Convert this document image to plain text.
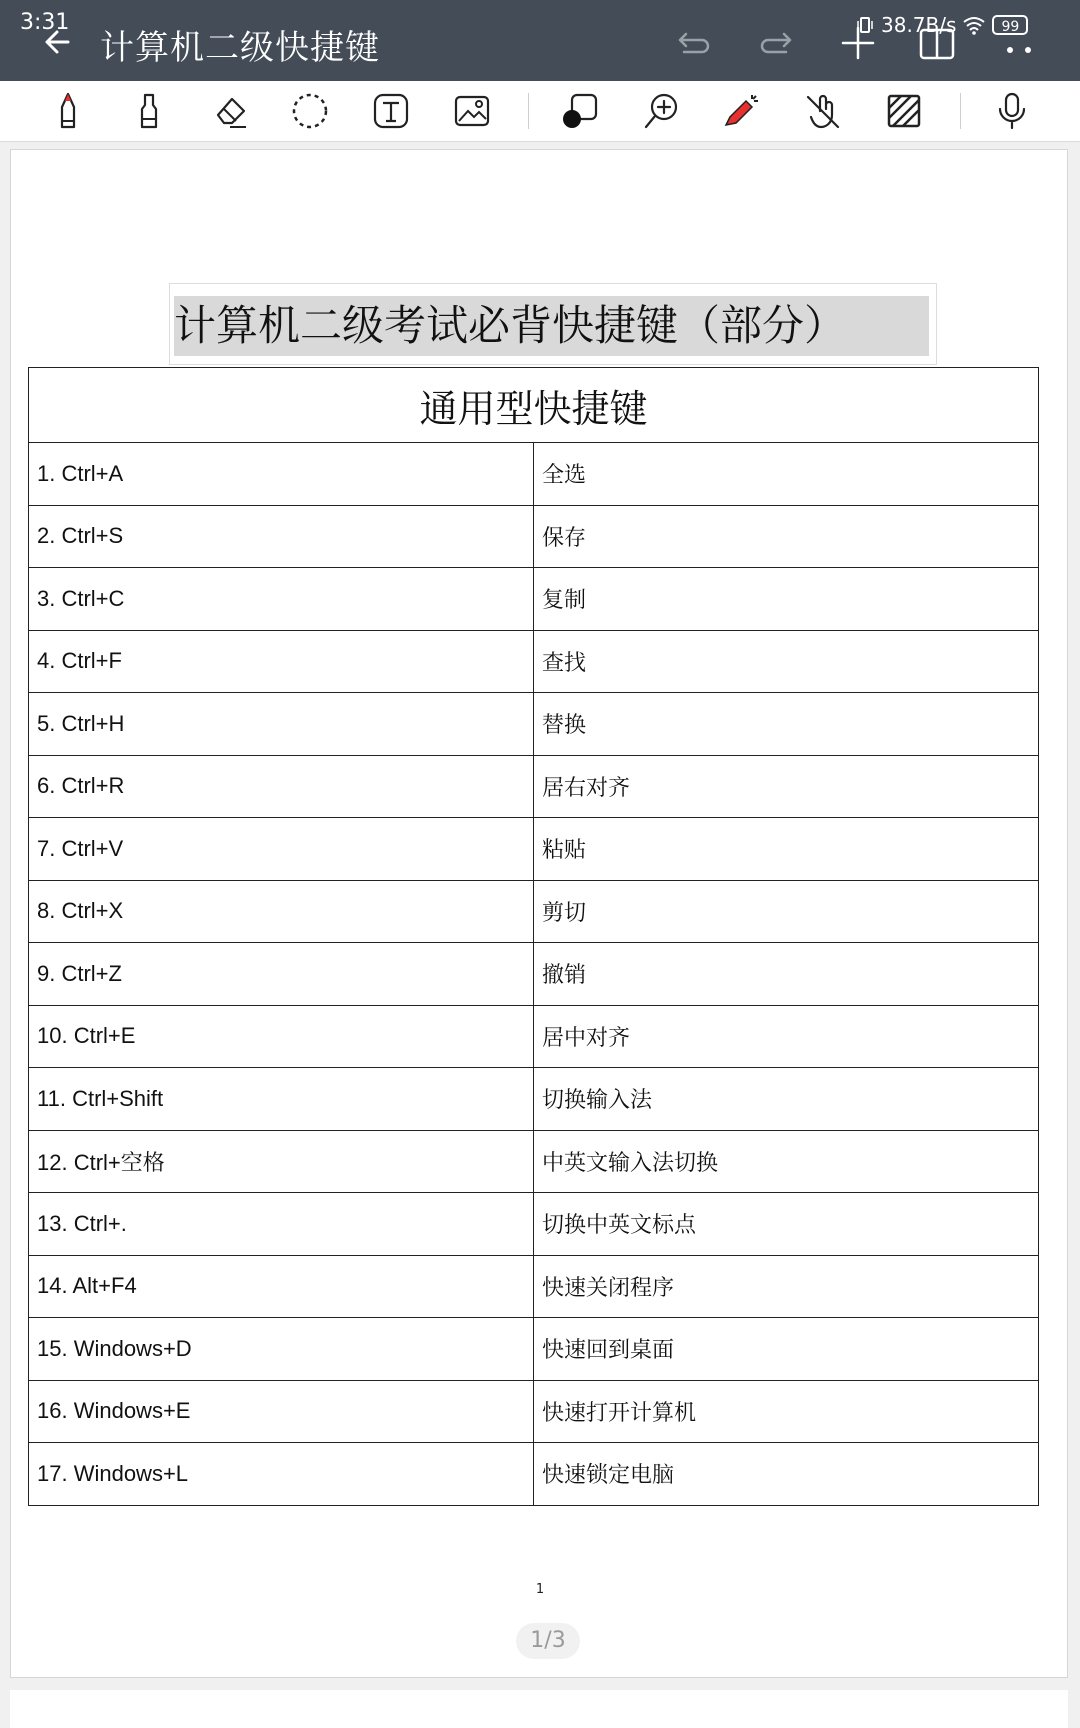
3:31
计算机二级快捷键
38.7B/s	99
计算机二级考试必背快捷键（部分）
通用型快捷键	
1. Ctrl+A	全选
2. Ctrl+S	保存
3. Ctrl+C	复制
4. Ctrl+F	查找
5. Ctrl+H	替换
6. Ctrl+R	居右对齐
7. Ctrl+V	粘贴
8. Ctrl+X	剪切
9. Ctrl+Z	撤销
10. Ctrl+E	居中对齐
11. Ctrl+Shift	切换输入法
12. Ctrl+空格	中英文输入法切换
13. Ctrl+.	切换中英文标点
14. Alt+F4	快速关闭程序
15. Windows+D	快速回到桌面
16. Windows+E	快速打开计算机
17. Windows+L	快速锁定电脑
1
1/3
